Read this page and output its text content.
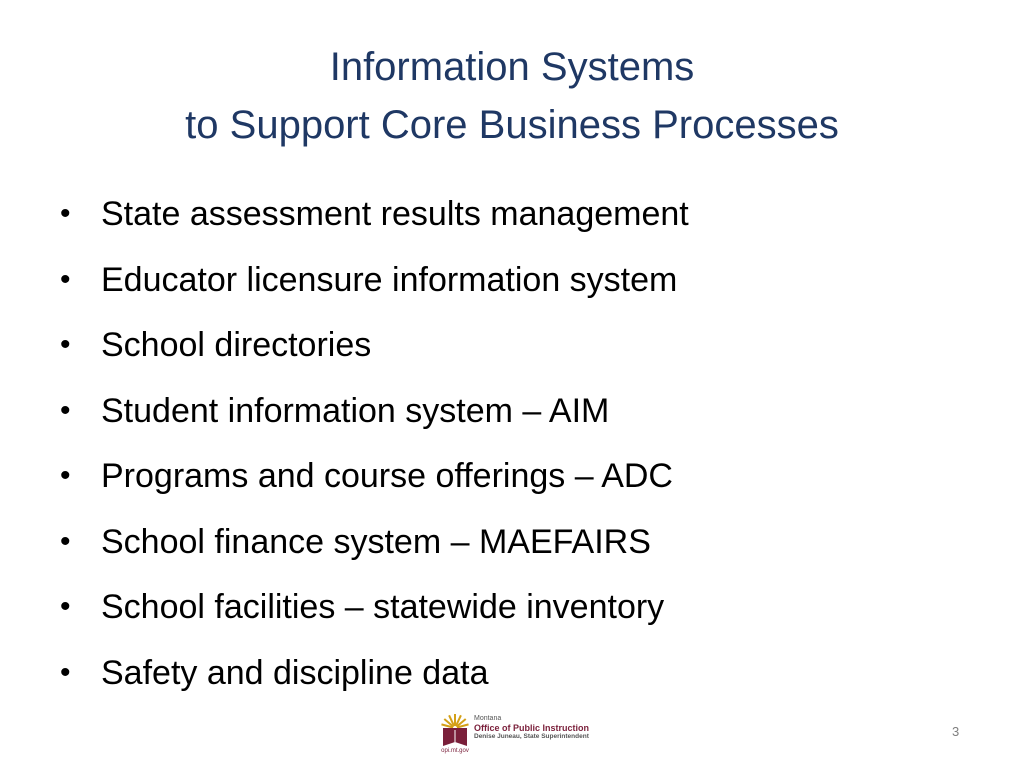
Information Systems
to Support Core Business Processes
• State assessment results management
• Educator licensure information system
• School directories
• Student information system – AIM
• Programs and course offerings – ADC
• School finance system – MAEFAIRS
• School facilities – statewide inventory
• Safety and discipline data
opi.mt.gov
Montana
Office of Public Instruction
Denise Juneau, State Superintendent	3
